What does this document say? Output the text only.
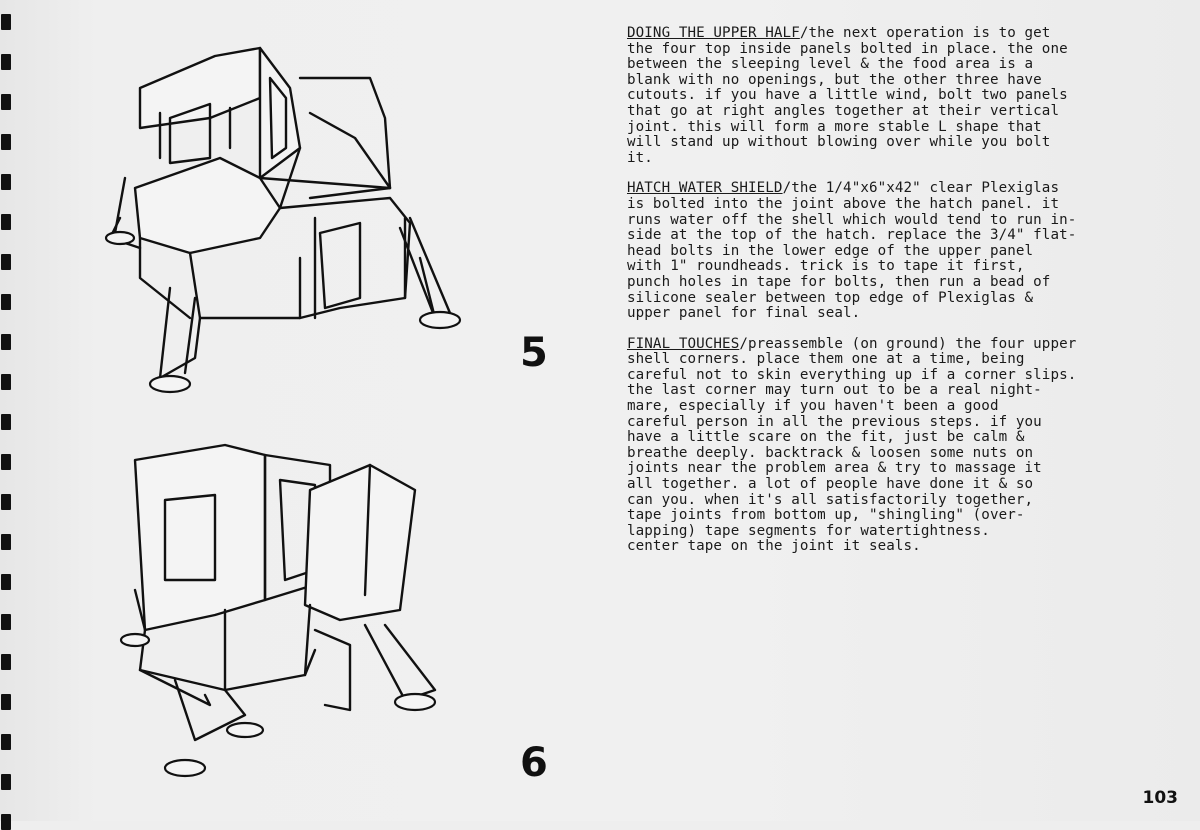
5
6

DOING THE UPPER HALF/the next operation is to get
the four top inside panels bolted in place. the one
between the sleeping level & the food area is a
blank with no openings, but the other three have
cutouts. if you have a little wind, bolt two panels
that go at right angles together at their vertical
joint. this will form a more stable L shape that
will stand up without blowing over while you bolt
it.

HATCH WATER SHIELD/the 1/4"x6"x42" clear Plexiglas
is bolted into the joint above the hatch panel. it
runs water off the shell which would tend to run in-
side at the top of the hatch. replace the 3/4" flat-
head bolts in the lower edge of the upper panel
with 1" roundheads. trick is to tape it first,
punch holes in tape for bolts, then run a bead of
silicone sealer between top edge of Plexiglas &
upper panel for final seal.

FINAL TOUCHES/preassemble (on ground) the four upper
shell corners. place them one at a time, being
careful not to skin everything up if a corner slips.
the last corner may turn out to be a real night-
mare, especially if you haven't been a good
careful person in all the previous steps. if you
have a little scare on the fit, just be calm &
breathe deeply. backtrack & loosen some nuts on
joints near the problem area & try to massage it
all together. a lot of people have done it & so
can you. when it's all satisfactorily together,
tape joints from bottom up, "shingling" (over-
lapping) tape segments for watertightness.
center tape on the joint it seals.

103
